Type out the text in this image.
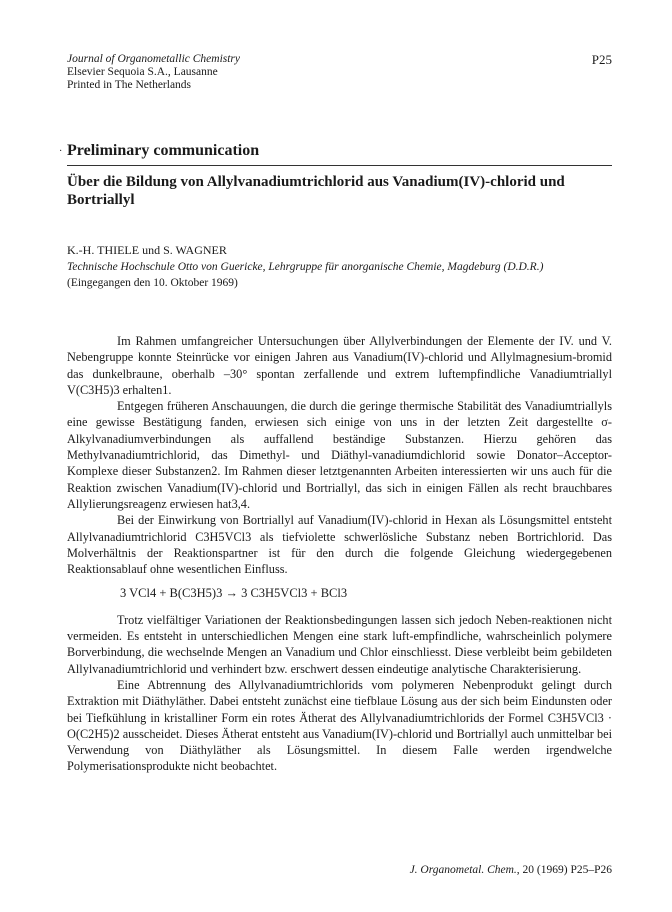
Journal of Organometallic Chemistry
Elsevier Sequoia S.A., Lausanne
Printed in The Netherlands
P25
· Preliminary communication
Über die Bildung von Allylvanadiumtrichlorid aus Vanadium(IV)-chlorid und Bortriallyl
K.-H. THIELE und S. WAGNER
Technische Hochschule Otto von Guericke, Lehrgruppe für anorganische Chemie, Magdeburg (D.D.R.)
(Eingegangen den 10. Oktober 1969)

Im Rahmen umfangreicher Untersuchungen über Allylverbindungen der Elemente der IV. und V. Nebengruppe konnte Steinrücke vor einigen Jahren aus Vanadium(IV)-chlorid und Allylmagnesium-bromid das dunkelbraune, oberhalb –30° spontan zerfallende und extrem luftempfindliche Vanadiumtriallyl V(C3H5)3 erhalten1.

Entgegen früheren Anschauungen, die durch die geringe thermische Stabilität des Vanadiumtriallyls eine gewisse Bestätigung fanden, erwiesen sich einige von uns in der letzten Zeit dargestellte σ-Alkylvanadiumverbindungen als auffallend beständige Substanzen. Hierzu gehören das Methylvanadiumtrichlorid, das Dimethyl- und Diäthyl-vanadiumdichlorid sowie Donator–Acceptor-Komplexe dieser Substanzen2. Im Rahmen dieser letztgenannten Arbeiten interessierten wir uns auch für die Reaktion zwischen Vanadium(IV)-chlorid und Bortriallyl, das sich in einigen Fällen als recht brauchbares Allylierungsreagenz erwiesen hat3,4.

Bei der Einwirkung von Bortriallyl auf Vanadium(IV)-chlorid in Hexan als Lösungsmittel entsteht Allylvanadiumtrichlorid C3H5VCl3 als tiefviolette schwerlösliche Substanz neben Bortrichlorid. Das Molverhältnis der Reaktionspartner ist für den durch die folgende Gleichung wiedergegebenen Reaktionsablauf ohne wesentlichen Einfluss.

3 VCl4 + B(C3H5)3 → 3 C3H5VCl3 + BCl3

Trotz vielfältiger Variationen der Reaktionsbedingungen lassen sich jedoch Neben-reaktionen nicht vermeiden. Es entsteht in unterschiedlichen Mengen eine stark luft-empfindliche, wahrscheinlich polymere Borverbindung, die wechselnde Mengen an Vanadium und Chlor einschliesst. Diese verbleibt beim gebildeten Allylvanadiumtrichlorid und verhindert bzw. erschwert dessen eindeutige analytische Charakterisierung.

Eine Abtrennung des Allylvanadiumtrichlorids vom polymeren Nebenprodukt gelingt durch Extraktion mit Diäthyläther. Dabei entsteht zunächst eine tiefblaue Lösung aus der sich beim Eindunsten oder bei Tiefkühlung in kristalliner Form ein rotes Ätherat des Allylvanadiumtrichlorids der Formel C3H5VCl3 · O(C2H5)2 ausscheidet. Dieses Ätherat entsteht aus Vanadium(IV)-chlorid und Bortriallyl auch unmittelbar bei Verwendung von Diäthyläther als Lösungsmittel. In diesem Falle werden irgendwelche Polymerisationsprodukte nicht beobachtet.

J. Organometal. Chem., 20 (1969) P25–P26
